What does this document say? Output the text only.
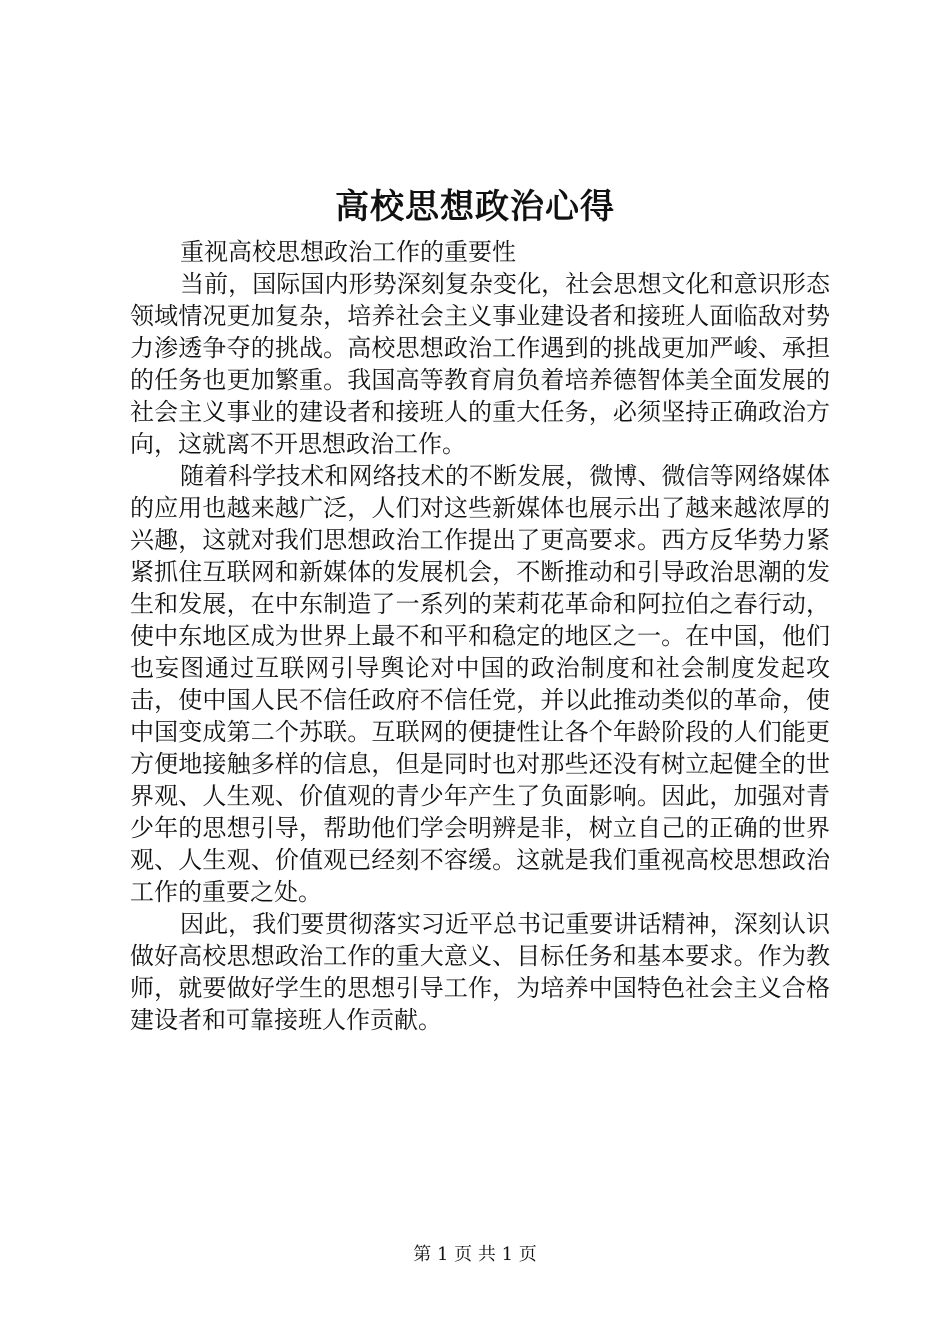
高校思想政治心得

重视高校思想政治工作的重要性

当前，国际国内形势深刻复杂变化，社会思想文化和意识形态领域情况更加复杂，培养社会主义事业建设者和接班人面临敌对势力渗透争夺的挑战。高校思想政治工作遇到的挑战更加严峻、承担的任务也更加繁重。我国高等教育肩负着培养德智体美全面发展的社会主义事业的建设者和接班人的重大任务，必须坚持正确政治方向，这就离不开思想政治工作。

随着科学技术和网络技术的不断发展，微博、微信等网络媒体的应用也越来越广泛，人们对这些新媒体也展示出了越来越浓厚的兴趣，这就对我们思想政治工作提出了更高要求。西方反华势力紧紧抓住互联网和新媒体的发展机会，不断推动和引导政治思潮的发生和发展，在中东制造了一系列的茉莉花革命和阿拉伯之春行动，使中东地区成为世界上最不和平和稳定的地区之一。在中国，他们也妄图通过互联网引导舆论对中国的政治制度和社会制度发起攻击，使中国人民不信任政府不信任党，并以此推动类似的革命，使中国变成第二个苏联。互联网的便捷性让各个年龄阶段的人们能更方便地接触多样的信息，但是同时也对那些还没有树立起健全的世界观、人生观、价值观的青少年产生了负面影响。因此，加强对青少年的思想引导，帮助他们学会明辨是非，树立自己的正确的世界观、人生观、价值观已经刻不容缓。这就是我们重视高校思想政治工作的重要之处。

因此，我们要贯彻落实习近平总书记重要讲话精神，深刻认识做好高校思想政治工作的重大意义、目标任务和基本要求。作为教师，就要做好学生的思想引导工作，为培养中国特色社会主义合格建设者和可靠接班人作贡献。

第 1 页 共 1 页
